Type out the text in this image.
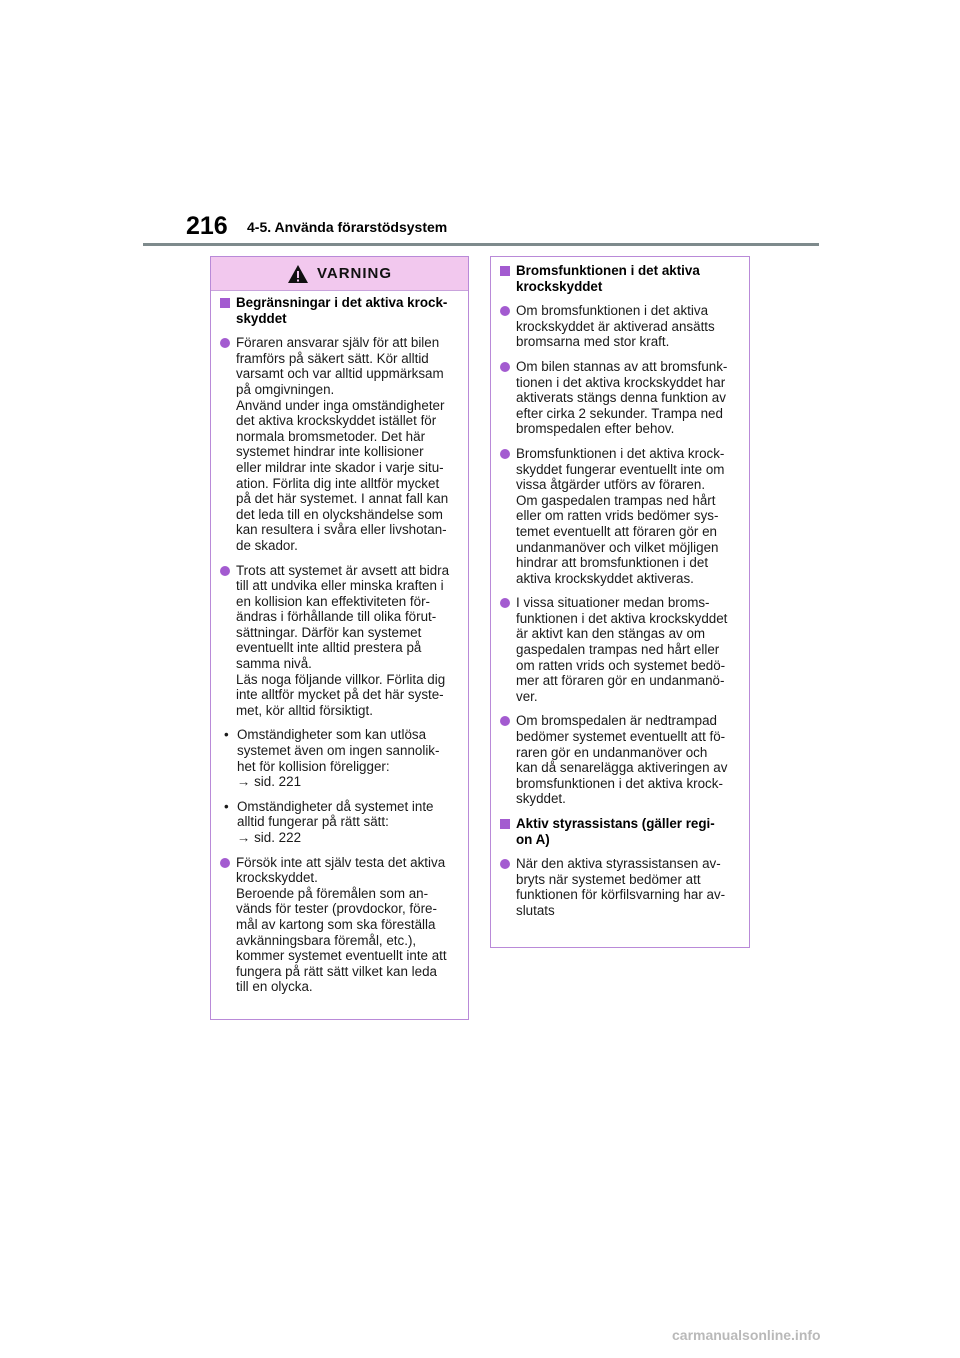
216 4-5. Använda förarstödsystem
VARNING
Begränsningar i det aktiva krock-
skyddet
Föraren ansvarar själv för att bilen
framförs på säkert sätt. Kör alltid
varsamt och var alltid uppmärksam
på omgivningen.
Använd under inga omständigheter
det aktiva krockskyddet istället för
normala bromsmetoder. Det här
systemet hindrar inte kollisioner
eller mildrar inte skador i varje situ-
ation. Förlita dig inte alltför mycket
på det här systemet. I annat fall kan
det leda till en olyckshändelse som
kan resultera i svåra eller livshotan-
de skador.
Trots att systemet är avsett att bidra
till att undvika eller minska kraften i
en kollision kan effektiviteten för-
ändras i förhållande till olika förut-
sättningar. Därför kan systemet
eventuellt inte alltid prestera på
samma nivå.
Läs noga följande villkor. Förlita dig
inte alltför mycket på det här syste-
met, kör alltid försiktigt.
• Omständigheter som kan utlösa
systemet även om ingen sannolik-
het för kollision föreligger:
→ sid. 221
• Omständigheter då systemet inte
alltid fungerar på rätt sätt:
→ sid. 222
Försök inte att själv testa det aktiva
krockskyddet.
Beroende på föremålen som an-
vänds för tester (provdockor, före-
mål av kartong som ska föreställa
avkänningsbara föremål, etc.),
kommer systemet eventuellt inte att
fungera på rätt sätt vilket kan leda
till en olycka.
Bromsfunktionen i det aktiva
krockskyddet
Om bromsfunktionen i det aktiva
krockskyddet är aktiverad ansätts
bromsarna med stor kraft.
Om bilen stannas av att bromsfunk-
tionen i det aktiva krockskyddet har
aktiverats stängs denna funktion av
efter cirka 2 sekunder. Trampa ned
bromspedalen efter behov.
Bromsfunktionen i det aktiva krock-
skyddet fungerar eventuellt inte om
vissa åtgärder utförs av föraren.
Om gaspedalen trampas ned hårt
eller om ratten vrids bedömer sys-
temet eventuellt att föraren gör en
undanmanöver och vilket möjligen
hindrar att bromsfunktionen i det
aktiva krockskyddet aktiveras.
I vissa situationer medan broms-
funktionen i det aktiva krockskyddet
är aktivt kan den stängas av om
gaspedalen trampas ned hårt eller
om ratten vrids och systemet bedö-
mer att föraren gör en undanmanö-
ver.
Om bromspedalen är nedtrampad
bedömer systemet eventuellt att fö-
raren gör en undanmanöver och
kan då senarelägga aktiveringen av
bromsfunktionen i det aktiva krock-
skyddet.
Aktiv styrassistans (gäller regi-
on A)
När den aktiva styrassistansen av-
bryts när systemet bedömer att
funktionen för körfilsvarning har av-
slutats
carmanualsonline.info
